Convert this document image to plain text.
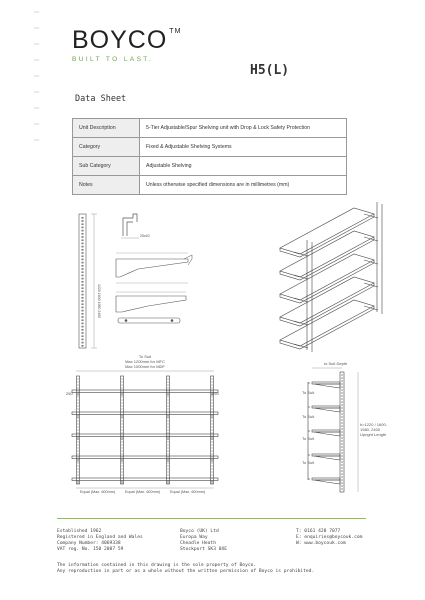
BOYCO ™
BUILT TO LAST.
H5(L)
Data Sheet
Unit Description	5-Tier Adjustable/Spur Shelving unit with Drop & Lock Safety Protection
Category	Fixed & Adjustable Shelving Systems
Sub Category	Adjustable Shelving
Notes	Unless otherwise specified dimensions are in millimetres (mm)
1220 1600 1980 2400
25x40
To Suit
Max 1200mm for MFC
Max 1000mm for MDF
250	250
Equal (Max. 600mm)	Equal (Max. 600mm)	Equal (Max. 600mm)
to Suit Depth
To Suit
To Suit
To Suit
To Suit
h=1220 / 1600,
1980, 2400
Upright Length
Established 1962
Registered in England and Wales
Company Number: 4069338
VAT reg. No. 150 2087 59
Boyco (UK) Ltd
Europa Way
Cheadle Heath
Stockport SK3 0XE
T: 0161 428 7077
E: enquiries@boycouk.com
W: www.boycouk.com
The information contained in this drawing is the sole property of Boyco.
Any reproduction in part or as a whole without the written permission of Boyco is prohibited.
